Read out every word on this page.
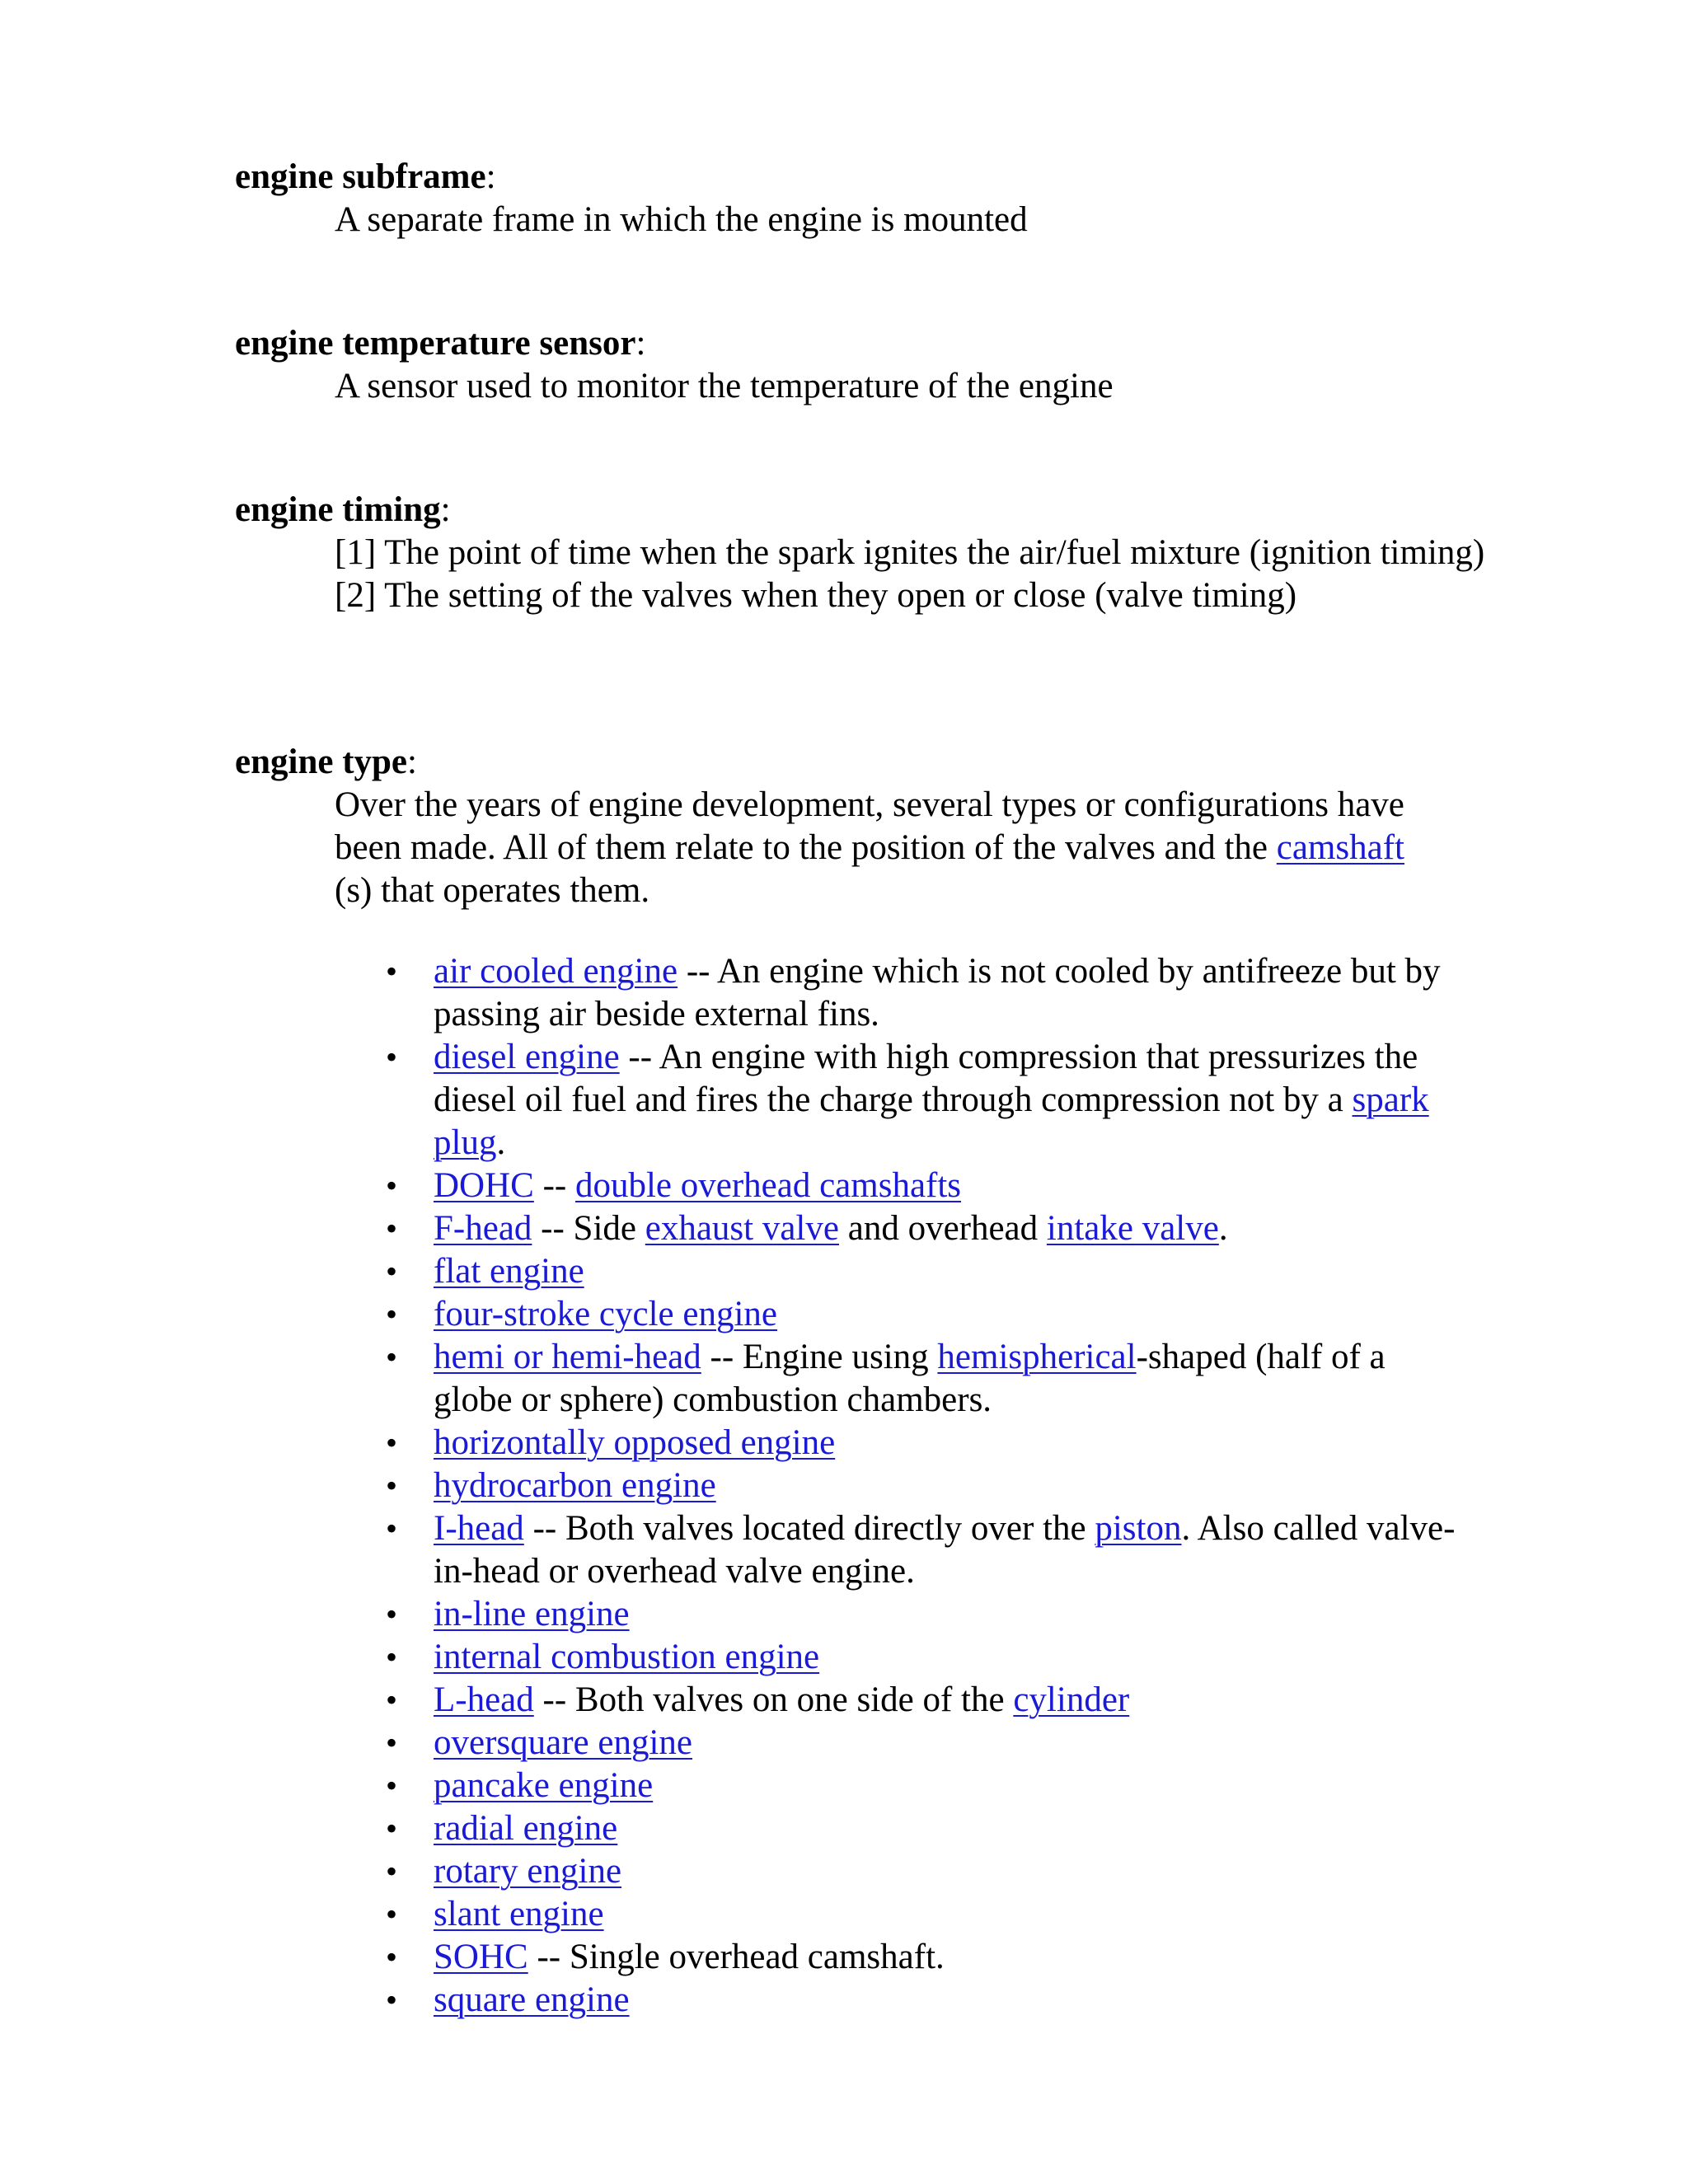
engine subframe:
A separate frame in which the engine is mounted
engine temperature sensor:
A sensor used to monitor the temperature of the engine
engine timing:
[1] The point of time when the spark ignites the air/fuel mixture (ignition timing)
[2] The setting of the valves when they open or close (valve timing)
engine type:
Over the years of engine development, several types or configurations have been made. All of them relate to the position of the valves and the camshaft (s) that operates them.
• air cooled engine -- An engine which is not cooled by antifreeze but by passing air beside external fins.
• diesel engine -- An engine with high compression that pressurizes the diesel oil fuel and fires the charge through compression not by a spark plug.
• DOHC -- double overhead camshafts
• F-head -- Side exhaust valve and overhead intake valve.
• flat engine
• four-stroke cycle engine
• hemi or hemi-head -- Engine using hemispherical-shaped (half of a globe or sphere) combustion chambers.
• horizontally opposed engine
• hydrocarbon engine
• I-head -- Both valves located directly over the piston. Also called valve-in-head or overhead valve engine.
• in-line engine
• internal combustion engine
• L-head -- Both valves on one side of the cylinder
• oversquare engine
• pancake engine
• radial engine
• rotary engine
• slant engine
• SOHC -- Single overhead camshaft.
• square engine
